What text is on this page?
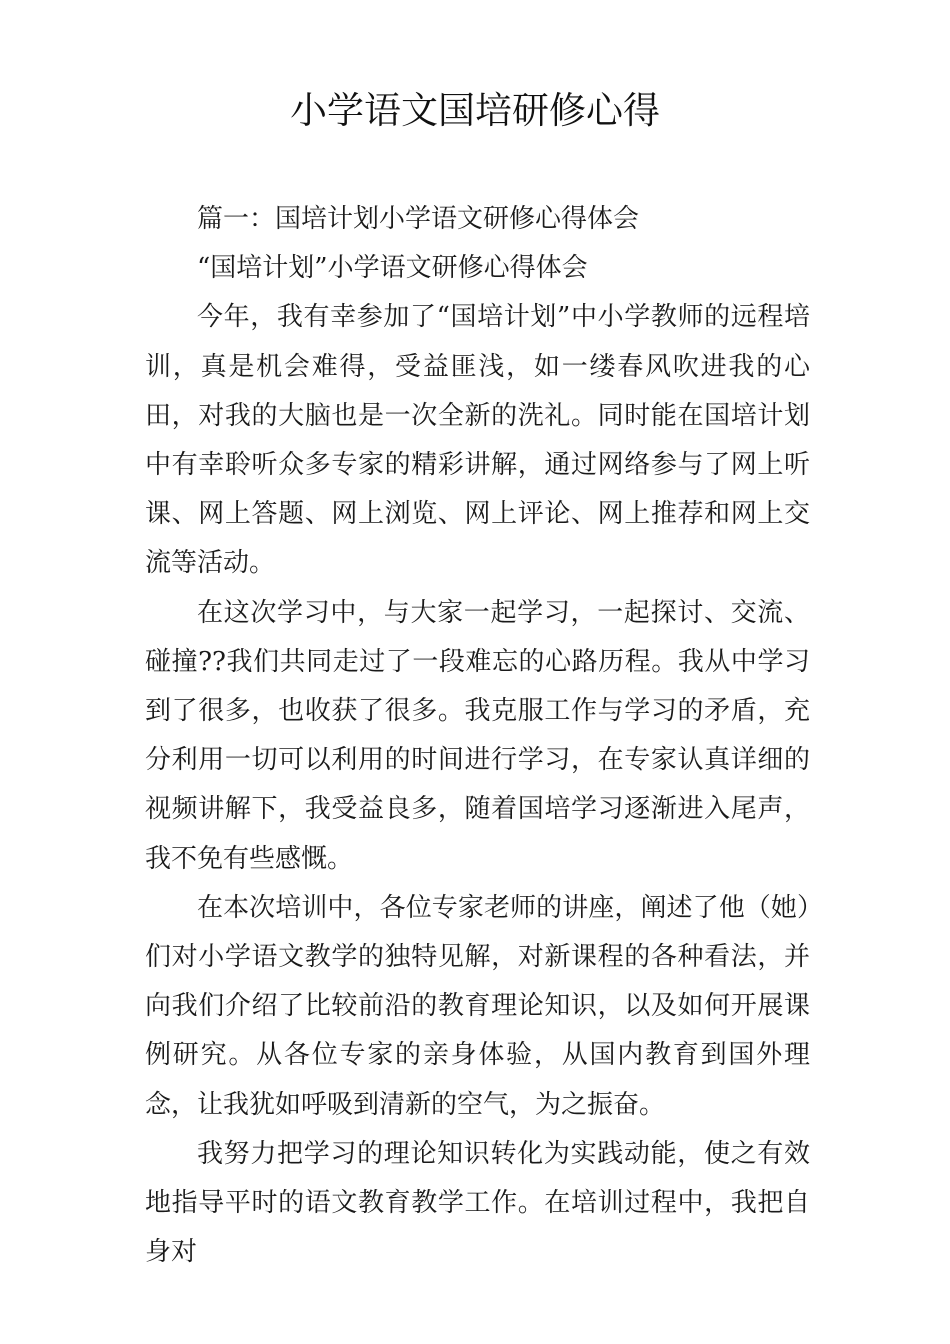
小学语文国培研修心得

篇一：国培计划小学语文研修心得体会

“国培计划”小学语文研修心得体会

今年，我有幸参加了“国培计划”中小学教师的远程培训，真是机会难得，受益匪浅，如一缕春风吹进我的心田，对我的大脑也是一次全新的洗礼。同时能在国培计划中有幸聆听众多专家的精彩讲解，通过网络参与了网上听课、网上答题、网上浏览、网上评论、网上推荐和网上交流等活动。

在这次学习中，与大家一起学习，一起探讨、交流、碰撞??我们共同走过了一段难忘的心路历程。我从中学习到了很多，也收获了很多。我克服工作与学习的矛盾，充分利用一切可以利用的时间进行学习，在专家认真详细的视频讲解下，我受益良多，随着国培学习逐渐进入尾声，我不免有些感慨。

在本次培训中，各位专家老师的讲座，阐述了他（她）们对小学语文教学的独特见解，对新课程的各种看法，并向我们介绍了比较前沿的教育理论知识，以及如何开展课例研究。从各位专家的亲身体验，从国内教育到国外理念，让我犹如呼吸到清新的空气，为之振奋。

我努力把学习的理论知识转化为实践动能，使之有效地指导平时的语文教育教学工作。在培训过程中，我把自身对
